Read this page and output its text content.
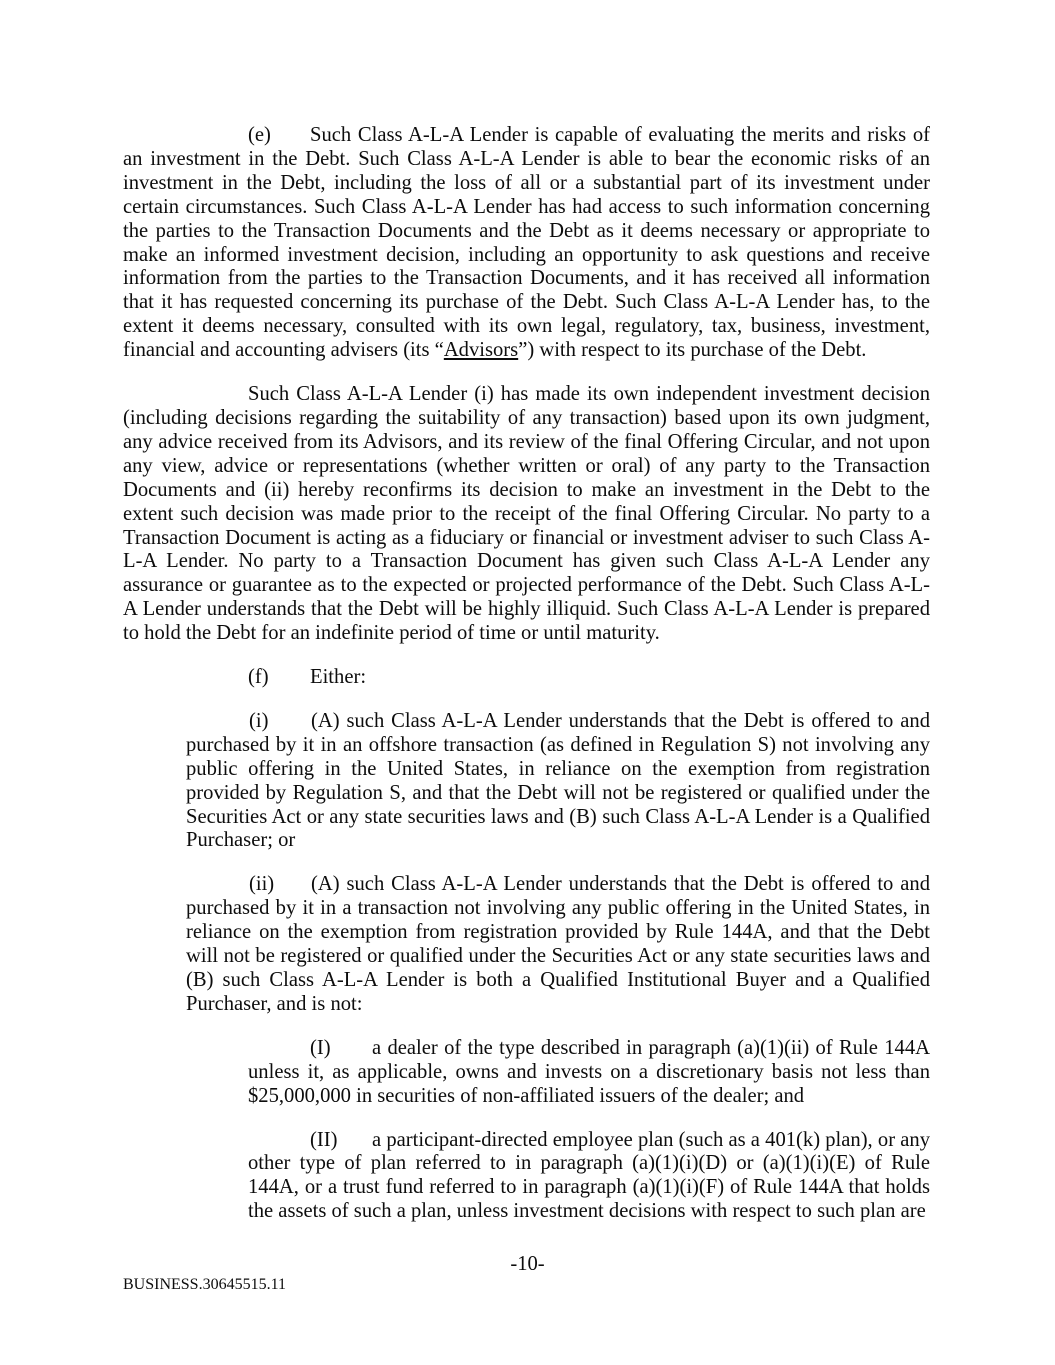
(e) Such Class A-L-A Lender is capable of evaluating the merits and risks of an investment in the Debt. Such Class A-L-A Lender is able to bear the economic risks of an investment in the Debt, including the loss of all or a substantial part of its investment under certain circumstances. Such Class A-L-A Lender has had access to such information concerning the parties to the Transaction Documents and the Debt as it deems necessary or appropriate to make an informed investment decision, including an opportunity to ask questions and receive information from the parties to the Transaction Documents, and it has received all information that it has requested concerning its purchase of the Debt. Such Class A-L-A Lender has, to the extent it deems necessary, consulted with its own legal, regulatory, tax, business, investment, financial and accounting advisers (its “Advisors”) with respect to its purchase of the Debt.

Such Class A-L-A Lender (i) has made its own independent investment decision (including decisions regarding the suitability of any transaction) based upon its own judgment, any advice received from its Advisors, and its review of the final Offering Circular, and not upon any view, advice or representations (whether written or oral) of any party to the Transaction Documents and (ii) hereby reconfirms its decision to make an investment in the Debt to the extent such decision was made prior to the receipt of the final Offering Circular. No party to a Transaction Document is acting as a fiduciary or financial or investment adviser to such Class A-L-A Lender. No party to a Transaction Document has given such Class A-L-A Lender any assurance or guarantee as to the expected or projected performance of the Debt. Such Class A-L-A Lender understands that the Debt will be highly illiquid. Such Class A-L-A Lender is prepared to hold the Debt for an indefinite period of time or until maturity.

(f) Either:

(i) (A) such Class A-L-A Lender understands that the Debt is offered to and purchased by it in an offshore transaction (as defined in Regulation S) not involving any public offering in the United States, in reliance on the exemption from registration provided by Regulation S, and that the Debt will not be registered or qualified under the Securities Act or any state securities laws and (B) such Class A-L-A Lender is a Qualified Purchaser; or

(ii) (A) such Class A-L-A Lender understands that the Debt is offered to and purchased by it in a transaction not involving any public offering in the United States, in reliance on the exemption from registration provided by Rule 144A, and that the Debt will not be registered or qualified under the Securities Act or any state securities laws and (B) such Class A-L-A Lender is both a Qualified Institutional Buyer and a Qualified Purchaser, and is not:

(I) a dealer of the type described in paragraph (a)(1)(ii) of Rule 144A unless it, as applicable, owns and invests on a discretionary basis not less than $25,000,000 in securities of non-affiliated issuers of the dealer; and

(II) a participant-directed employee plan (such as a 401(k) plan), or any other type of plan referred to in paragraph (a)(1)(i)(D) or (a)(1)(i)(E) of Rule 144A, or a trust fund referred to in paragraph (a)(1)(i)(F) of Rule 144A that holds the assets of such a plan, unless investment decisions with respect to such plan are

-10-
BUSINESS.30645515.11
